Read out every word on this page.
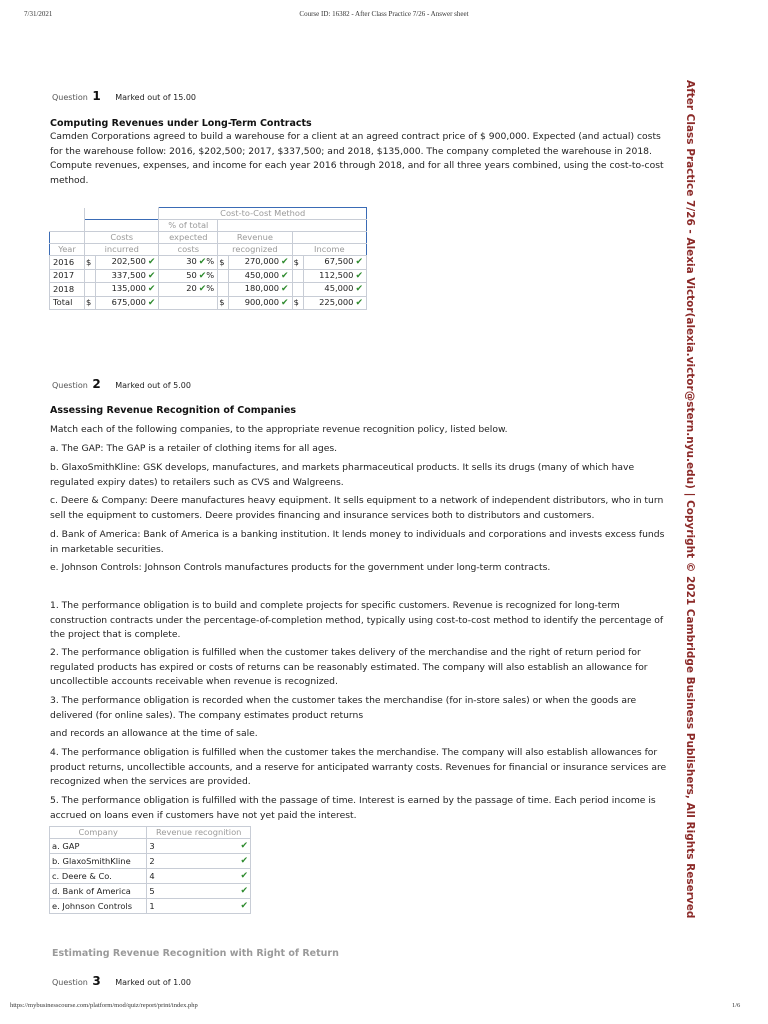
7/31/2021	Course ID: 16382 - After Class Practice 7/26 - Answer sheet
After Class Practice 7/26 - Alexia Victor(alexia.victor@stern.nyu.edu) | Copyright © 2021 Cambridge Business Publishers, All Rights Reserved
Question 1 Marked out of 15.00
Computing Revenues under Long-Term Contracts
Camden Corporations agreed to build a warehouse for a client at an agreed contract price of $ 900,000. Expected (and actual) costs for the warehouse follow: 2016, $202,500; 2017, $337,500; and 2018, $135,000. The company completed the warehouse in 2018. Compute revenues, expenses, and income for each year 2016 through 2018, and for all three years combined, using the cost-to-cost method.
			Cost-to-Cost Method				
			% of total				
	Costs		expected	Revenue			
Year	incurred		costs	recognized		Income	
2016	$	202,500 ✔	30 ✔%	$	270,000 ✔	$	67,500 ✔
2017		337,500 ✔	50 ✔%		450,000 ✔		112,500 ✔
2018		135,000 ✔	20 ✔%		180,000 ✔		45,000 ✔
Total	$	675,000 ✔		$	900,000 ✔	$	225,000 ✔
Question 2 Marked out of 5.00
Assessing Revenue Recognition of Companies
Match each of the following companies, to the appropriate revenue recognition policy, listed below.
a. The GAP: The GAP is a retailer of clothing items for all ages.
b. GlaxoSmithKline: GSK develops, manufactures, and markets pharmaceutical products. It sells its drugs (many of which have regulated expiry dates) to retailers such as CVS and Walgreens.
c. Deere & Company: Deere manufactures heavy equipment. It sells equipment to a network of independent distributors, who in turn sell the equipment to customers. Deere provides financing and insurance services both to distributors and customers.
d. Bank of America: Bank of America is a banking institution. It lends money to individuals and corporations and invests excess funds in marketable securities.
e. Johnson Controls: Johnson Controls manufactures products for the government under long-term contracts.
1. The performance obligation is to build and complete projects for specific customers. Revenue is recognized for long-term construction contracts under the percentage-of-completion method, typically using cost-to-cost method to identify the percentage of the project that is complete.
2. The performance obligation is fulfilled when the customer takes delivery of the merchandise and the right of return period for regulated products has expired or costs of returns can be reasonably estimated. The company will also establish an allowance for uncollectible accounts receivable when revenue is recognized.
3. The performance obligation is recorded when the customer takes the merchandise (for in-store sales) or when the goods are delivered (for online sales). The company estimates product returns
and records an allowance at the time of sale.
4. The performance obligation is fulfilled when the customer takes the merchandise. The company will also establish allowances for product returns, uncollectible accounts, and a reserve for anticipated warranty costs. Revenues for financial or insurance services are recognized when the services are provided.
5. The performance obligation is fulfilled with the passage of time. Interest is earned by the passage of time. Each period income is accrued on loans even if customers have not yet paid the interest.
Company	Revenue recognition	
a. GAP	3	✔
b. GlaxoSmithKline	2	✔
c. Deere & Co.	4	✔
d. Bank of America	5	✔
e. Johnson Controls	1	✔
Estimating Revenue Recognition with Right of Return
Question 3 Marked out of 1.00
https://mybusinesscourse.com/platform/mod/quiz/report/print/index.php	1/6
